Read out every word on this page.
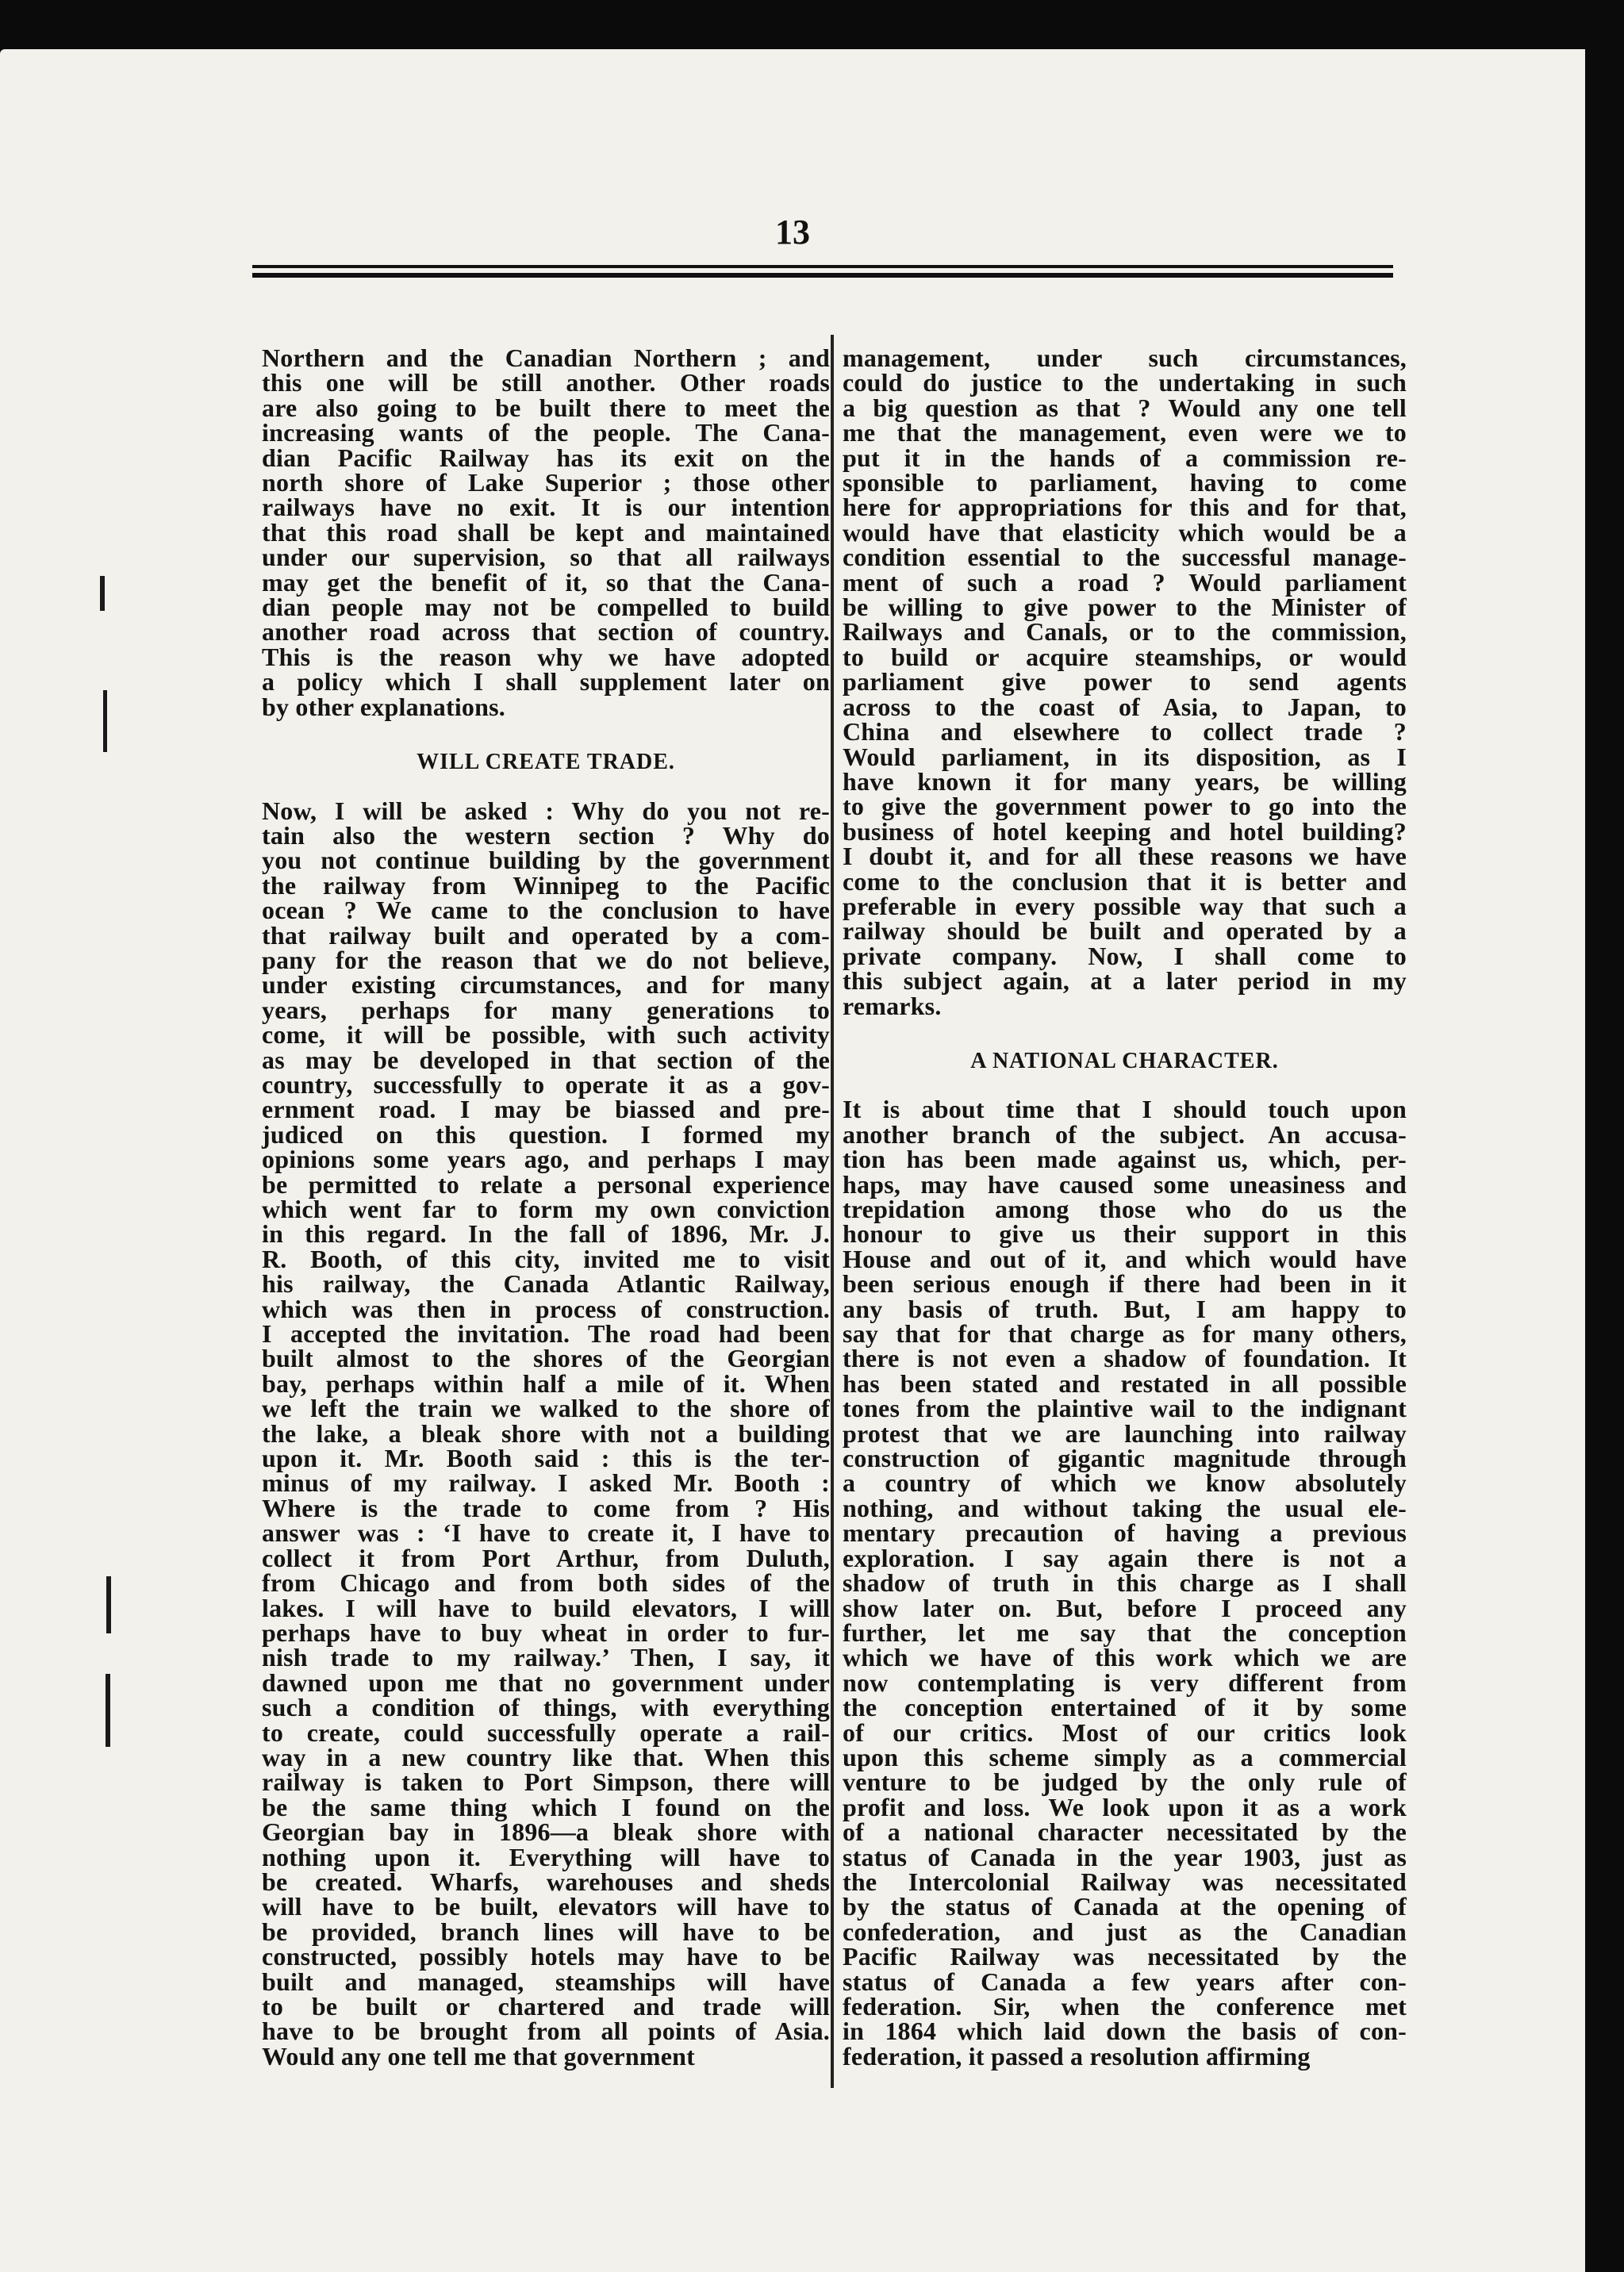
13
Northern and the Canadian Northern ; and
this one will be still another. Other roads
are also going to be built there to meet the
increasing wants of the people. The Cana-
dian Pacific Railway has its exit on the
north shore of Lake Superior ; those other
railways have no exit. It is our intention
that this road shall be kept and maintained
under our supervision, so that all railways
may get the benefit of it, so that the Cana-
dian people may not be compelled to build
another road across that section of country.
This is the reason why we have adopted
a policy which I shall supplement later on
by other explanations.
WILL CREATE TRADE.
Now, I will be asked : Why do you not re-
tain also the western section ? Why do
you not continue building by the government
the railway from Winnipeg to the Pacific
ocean ? We came to the conclusion to have
that railway built and operated by a com-
pany for the reason that we do not believe,
under existing circumstances, and for many
years, perhaps for many generations to
come, it will be possible, with such activity
as may be developed in that section of the
country, successfully to operate it as a gov-
ernment road. I may be biassed and pre-
judiced on this question. I formed my
opinions some years ago, and perhaps I may
be permitted to relate a personal experience
which went far to form my own conviction
in this regard. In the fall of 1896, Mr. J.
R. Booth, of this city, invited me to visit
his railway, the Canada Atlantic Railway,
which was then in process of construction.
I accepted the invitation. The road had been
built almost to the shores of the Georgian
bay, perhaps within half a mile of it. When
we left the train we walked to the shore of
the lake, a bleak shore with not a building
upon it. Mr. Booth said : this is the ter-
minus of my railway. I asked Mr. Booth :
Where is the trade to come from ? His
answer was : ‘I have to create it, I have to
collect it from Port Arthur, from Duluth,
from Chicago and from both sides of the
lakes. I will have to build elevators, I will
perhaps have to buy wheat in order to fur-
nish trade to my railway.’ Then, I say, it
dawned upon me that no government under
such a condition of things, with everything
to create, could successfully operate a rail-
way in a new country like that. When this
railway is taken to Port Simpson, there will
be the same thing which I found on the
Georgian bay in 1896—a bleak shore with
nothing upon it. Everything will have to
be created. Wharfs, warehouses and sheds
will have to be built, elevators will have to
be provided, branch lines will have to be
constructed, possibly hotels may have to be
built and managed, steamships will have
to be built or chartered and trade will
have to be brought from all points of Asia.
Would any one tell me that government
management, under such circumstances,
could do justice to the undertaking in such
a big question as that ? Would any one tell
me that the management, even were we to
put it in the hands of a commission re-
sponsible to parliament, having to come
here for appropriations for this and for that,
would have that elasticity which would be a
condition essential to the successful manage-
ment of such a road ? Would parliament
be willing to give power to the Minister of
Railways and Canals, or to the commission,
to build or acquire steamships, or would
parliament give power to send agents
across to the coast of Asia, to Japan, to
China and elsewhere to collect trade ?
Would parliament, in its disposition, as I
have known it for many years, be willing
to give the government power to go into the
business of hotel keeping and hotel building?
I doubt it, and for all these reasons we have
come to the conclusion that it is better and
preferable in every possible way that such a
railway should be built and operated by a
private company. Now, I shall come to
this subject again, at a later period in my
remarks.
A NATIONAL CHARACTER.
It is about time that I should touch upon
another branch of the subject. An accusa-
tion has been made against us, which, per-
haps, may have caused some uneasiness and
trepidation among those who do us the
honour to give us their support in this
House and out of it, and which would have
been serious enough if there had been in it
any basis of truth. But, I am happy to
say that for that charge as for many others,
there is not even a shadow of foundation. It
has been stated and restated in all possible
tones from the plaintive wail to the indignant
protest that we are launching into railway
construction of gigantic magnitude through
a country of which we know absolutely
nothing, and without taking the usual ele-
mentary precaution of having a previous
exploration. I say again there is not a
shadow of truth in this charge as I shall
show later on. But, before I proceed any
further, let me say that the conception
which we have of this work which we are
now contemplating is very different from
the conception entertained of it by some
of our critics. Most of our critics look
upon this scheme simply as a commercial
venture to be judged by the only rule of
profit and loss. We look upon it as a work
of a national character necessitated by the
status of Canada in the year 1903, just as
the Intercolonial Railway was necessitated
by the status of Canada at the opening of
confederation, and just as the Canadian
Pacific Railway was necessitated by the
status of Canada a few years after con-
federation. Sir, when the conference met
in 1864 which laid down the basis of con-
federation, it passed a resolution affirming
